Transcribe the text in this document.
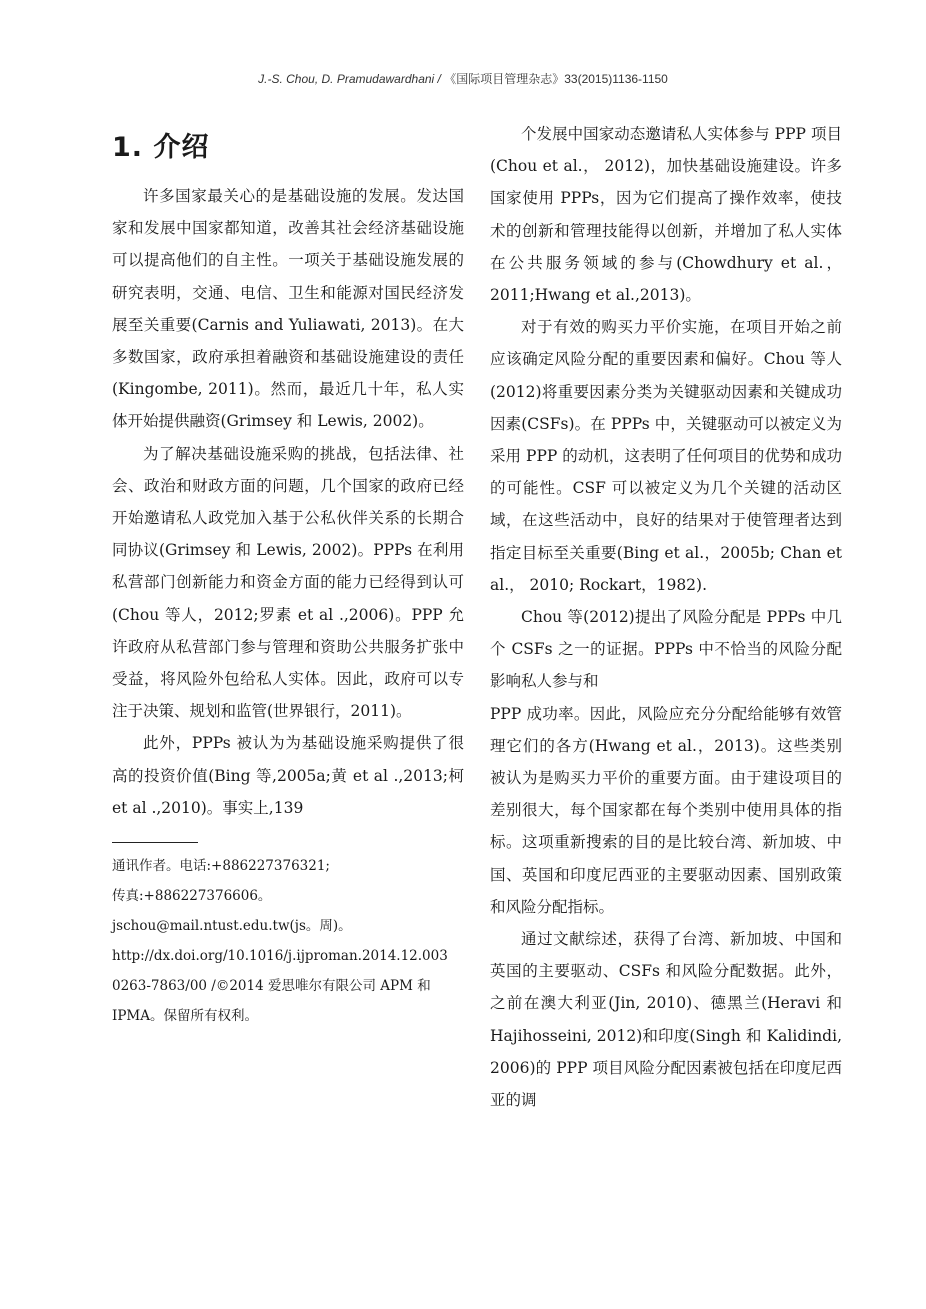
J.-S. Chou, D. Pramudawardhani / 《国际项目管理杂志》33(2015)1136-1150
1. 介绍

许多国家最关心的是基础设施的发展。发达国家和发展中国家都知道，改善其社会经济基础设施可以提高他们的自主性。一项关于基础设施发展的研究表明，交通、电信、卫生和能源对国民经济发展至关重要(Carnis and Yuliawati, 2013)。在大多数国家，政府承担着融资和基础设施建设的责任(Kingombe, 2011)。然而，最近几十年，私人实体开始提供融资(Grimsey 和 Lewis, 2002)。

为了解决基础设施采购的挑战，包括法律、社会、政治和财政方面的问题，几个国家的政府已经开始邀请私人政党加入基于公私伙伴关系的长期合同协议(Grimsey 和 Lewis, 2002)。PPPs 在利用私营部门创新能力和资金方面的能力已经得到认可(Chou 等人，2012;罗素 et al .,2006)。PPP 允许政府从私营部门参与管理和资助公共服务扩张中受益，将风险外包给私人实体。因此，政府可以专注于决策、规划和监管(世界银行，2011)。

此外，PPPs 被认为为基础设施采购提供了很高的投资价值(Bing 等,2005a;黄 et al .,2013;柯 et al .,2010)。事实上,139

通讯作者。电话:+886227376321;
传真:+886227376606。
jschou@mail.ntust.edu.tw(js。周)。
http://dx.doi.org/10.1016/j.ijproman.2014.12.003
0263-7863/00 /©2014 爱思唯尔有限公司 APM 和 IPMA。保留所有权利。

个发展中国家动态邀请私人实体参与 PPP 项目(Chou et al.， 2012)，加快基础设施建设。许多国家使用 PPPs，因为它们提高了操作效率，使技术的创新和管理技能得以创新，并增加了私人实体在公共服务领域的参与(Chowdhury et al.，2011;Hwang et al.,2013)。

对于有效的购买力平价实施，在项目开始之前应该确定风险分配的重要因素和偏好。Chou 等人(2012)将重要因素分类为关键驱动因素和关键成功因素(CSFs)。在 PPPs 中，关键驱动可以被定义为采用 PPP 的动机，这表明了任何项目的优势和成功的可能性。CSF 可以被定义为几个关键的活动区域，在这些活动中，良好的结果对于使管理者达到指定目标至关重要(Bing et al.，2005b; Chan et al.， 2010; Rockart，1982).

Chou 等(2012)提出了风险分配是 PPPs 中几个 CSFs 之一的证据。PPPs 中不恰当的风险分配影响私人参与和

PPP 成功率。因此，风险应充分分配给能够有效管理它们的各方(Hwang et al.，2013)。这些类别被认为是购买力平价的重要方面。由于建设项目的差别很大，每个国家都在每个类别中使用具体的指标。这项重新搜索的目的是比较台湾、新加坡、中国、英国和印度尼西亚的主要驱动因素、国别政策和风险分配指标。

通过文献综述，获得了台湾、新加坡、中国和英国的主要驱动、CSFs 和风险分配数据。此外，之前在澳大利亚(Jin, 2010)、德黑兰(Heravi 和 Hajihosseini, 2012)和印度(Singh 和 Kalidindi, 2006)的 PPP 项目风险分配因素被包括在印度尼西亚的调
